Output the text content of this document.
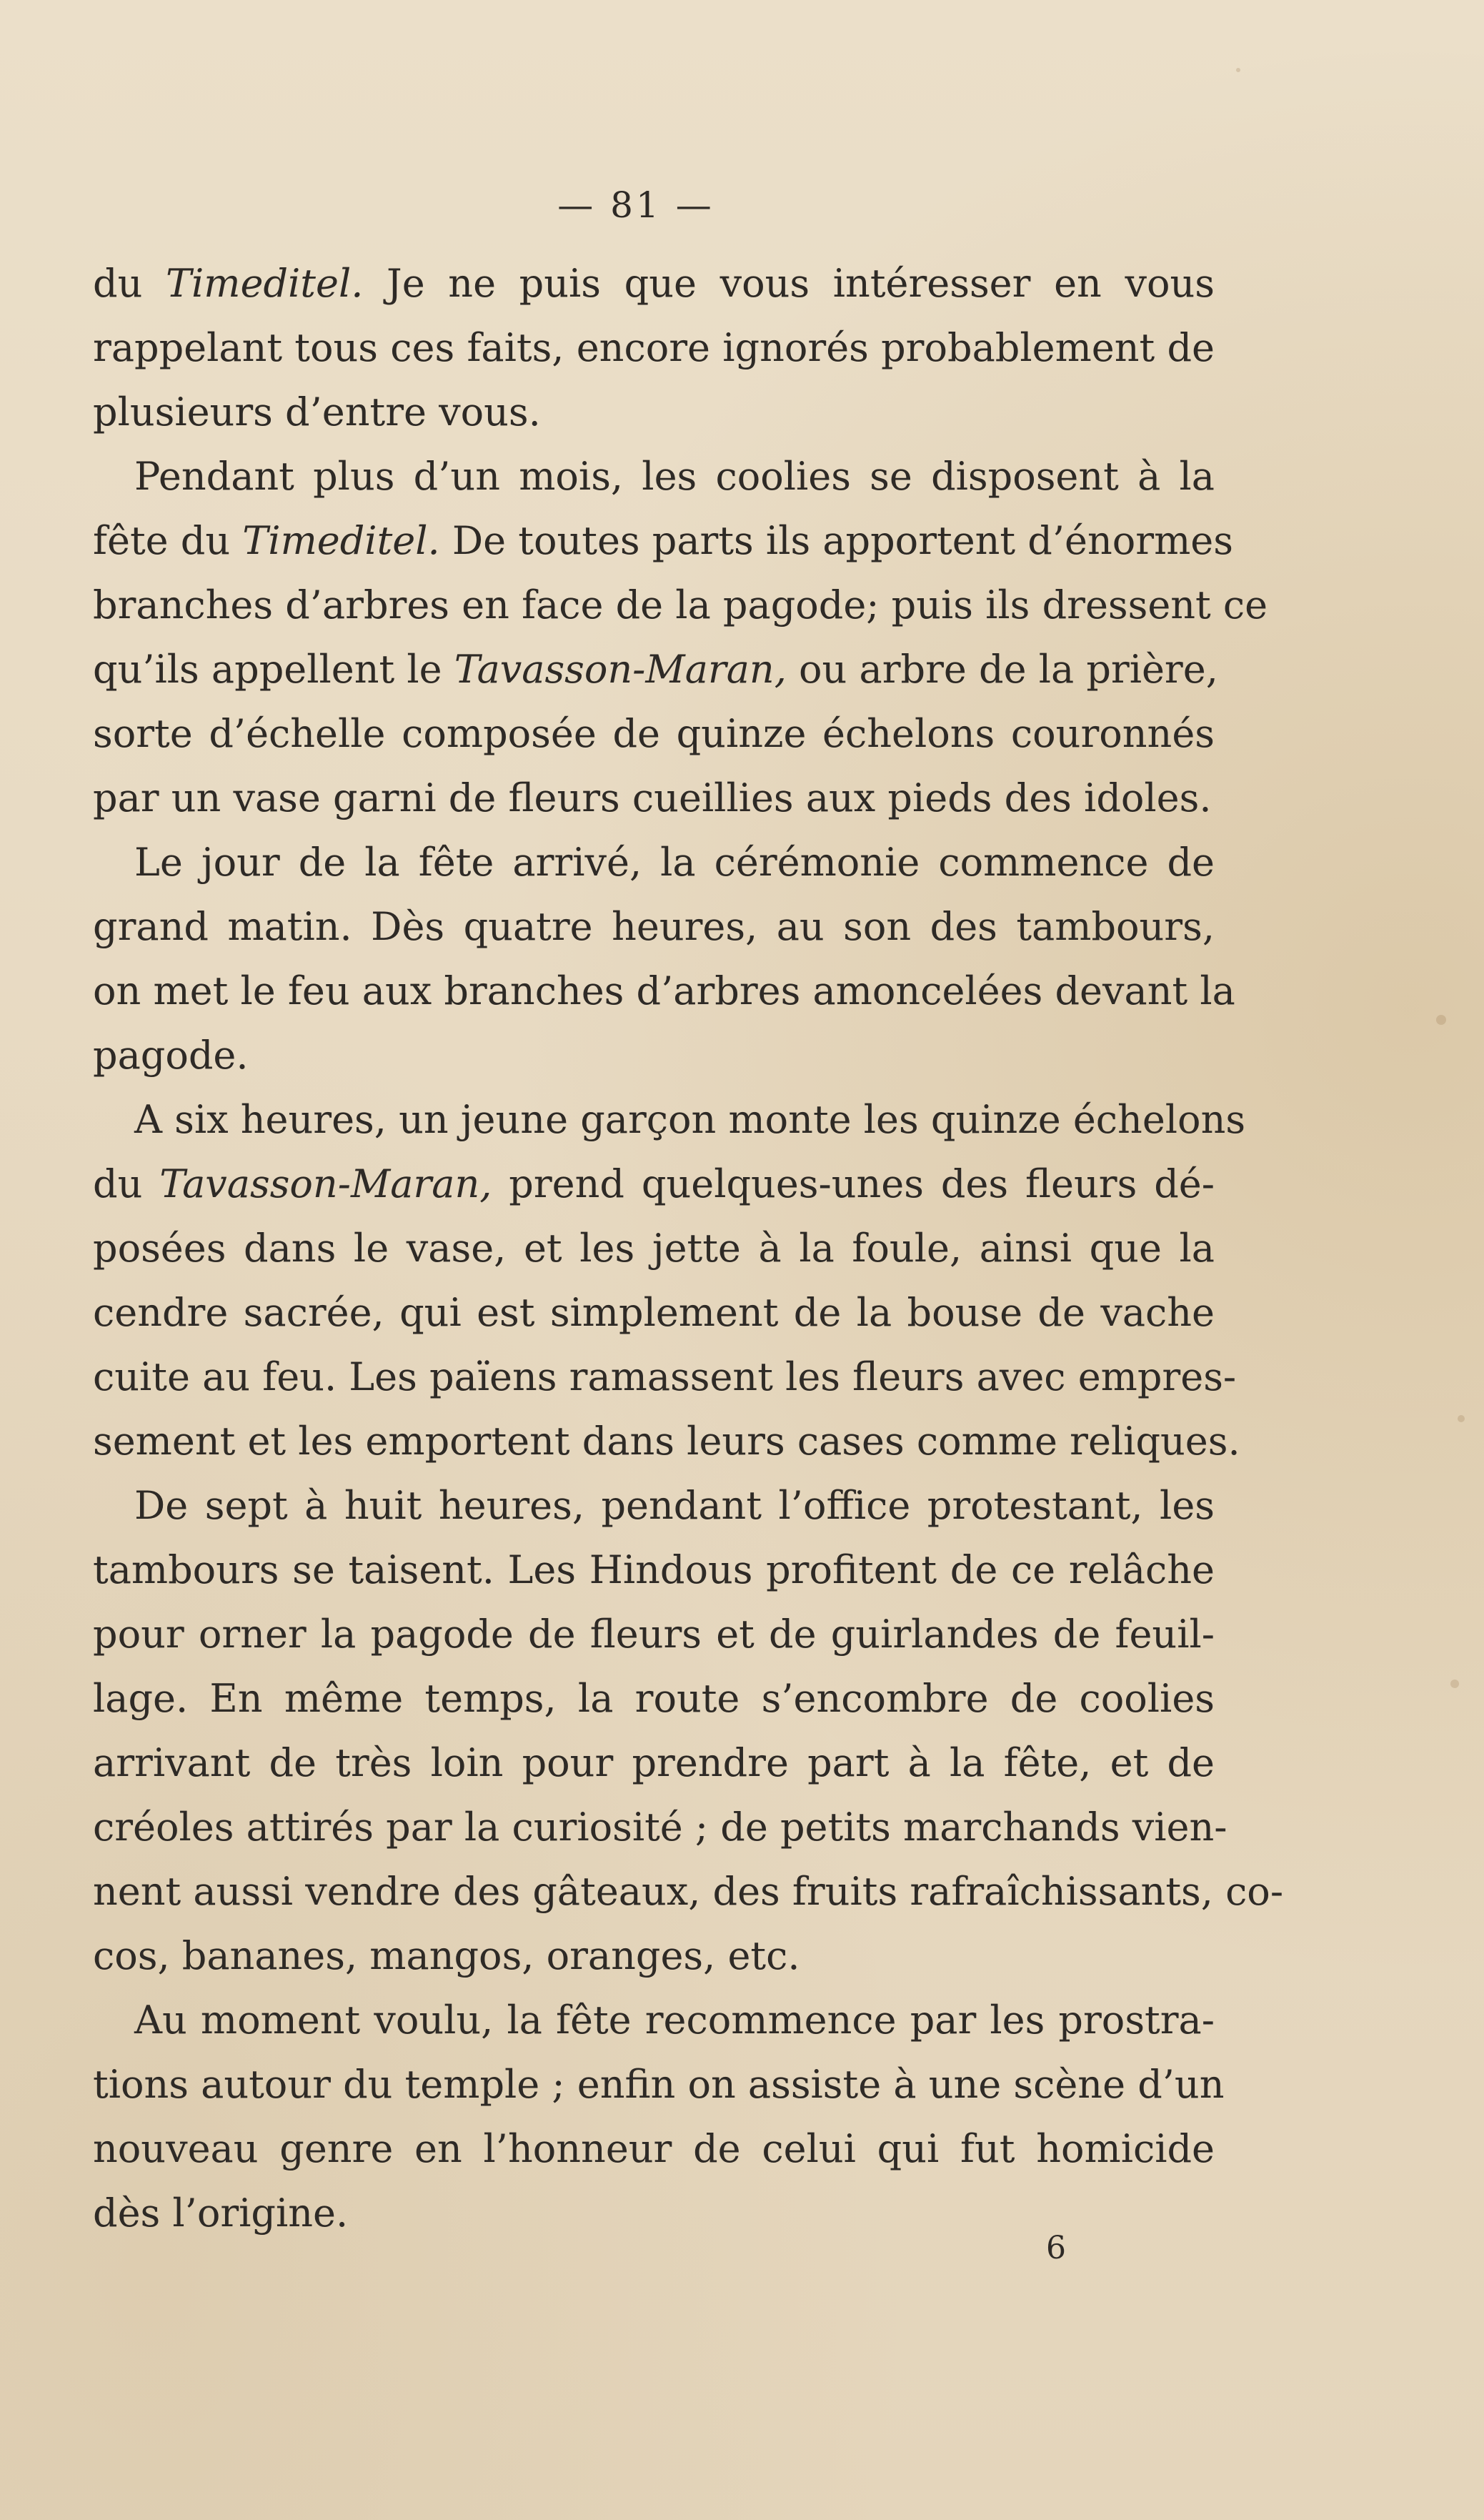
— 81 —
du Timeditel. Je ne puis que vous intéresser en vous
rappelant tous ces faits, encore ignorés probablement de
plusieurs d’entre vous.
Pendant plus d’un mois, les coolies se disposent à la
fête du Timeditel. De toutes parts ils apportent d’énormes
branches d’arbres en face de la pagode; puis ils dressent ce
qu’ils appellent le Tavasson-Maran, ou arbre de la prière,
sorte d’échelle composée de quinze échelons couronnés
par un vase garni de fleurs cueillies aux pieds des idoles.
Le jour de la fête arrivé, la cérémonie commence de
grand matin. Dès quatre heures, au son des tambours,
on met le feu aux branches d’arbres amoncelées devant la
pagode.
A six heures, un jeune garçon monte les quinze échelons
du Tavasson-Maran, prend quelques-unes des fleurs dé-
posées dans le vase, et les jette à la foule, ainsi que la
cendre sacrée, qui est simplement de la bouse de vache
cuite au feu. Les païens ramassent les fleurs avec empres-
sement et les emportent dans leurs cases comme reliques.
De sept à huit heures, pendant l’office protestant, les
tambours se taisent. Les Hindous profitent de ce relâche
pour orner la pagode de fleurs et de guirlandes de feuil-
lage. En même temps, la route s’encombre de coolies
arrivant de très loin pour prendre part à la fête, et de
créoles attirés par la curiosité ; de petits marchands vien-
nent aussi vendre des gâteaux, des fruits rafraîchissants, co-
cos, bananes, mangos, oranges, etc.
Au moment voulu, la fête recommence par les prostra-
tions autour du temple ; enfin on assiste à une scène d’un
nouveau genre en l’honneur de celui qui fut homicide
dès l’origine.
6
